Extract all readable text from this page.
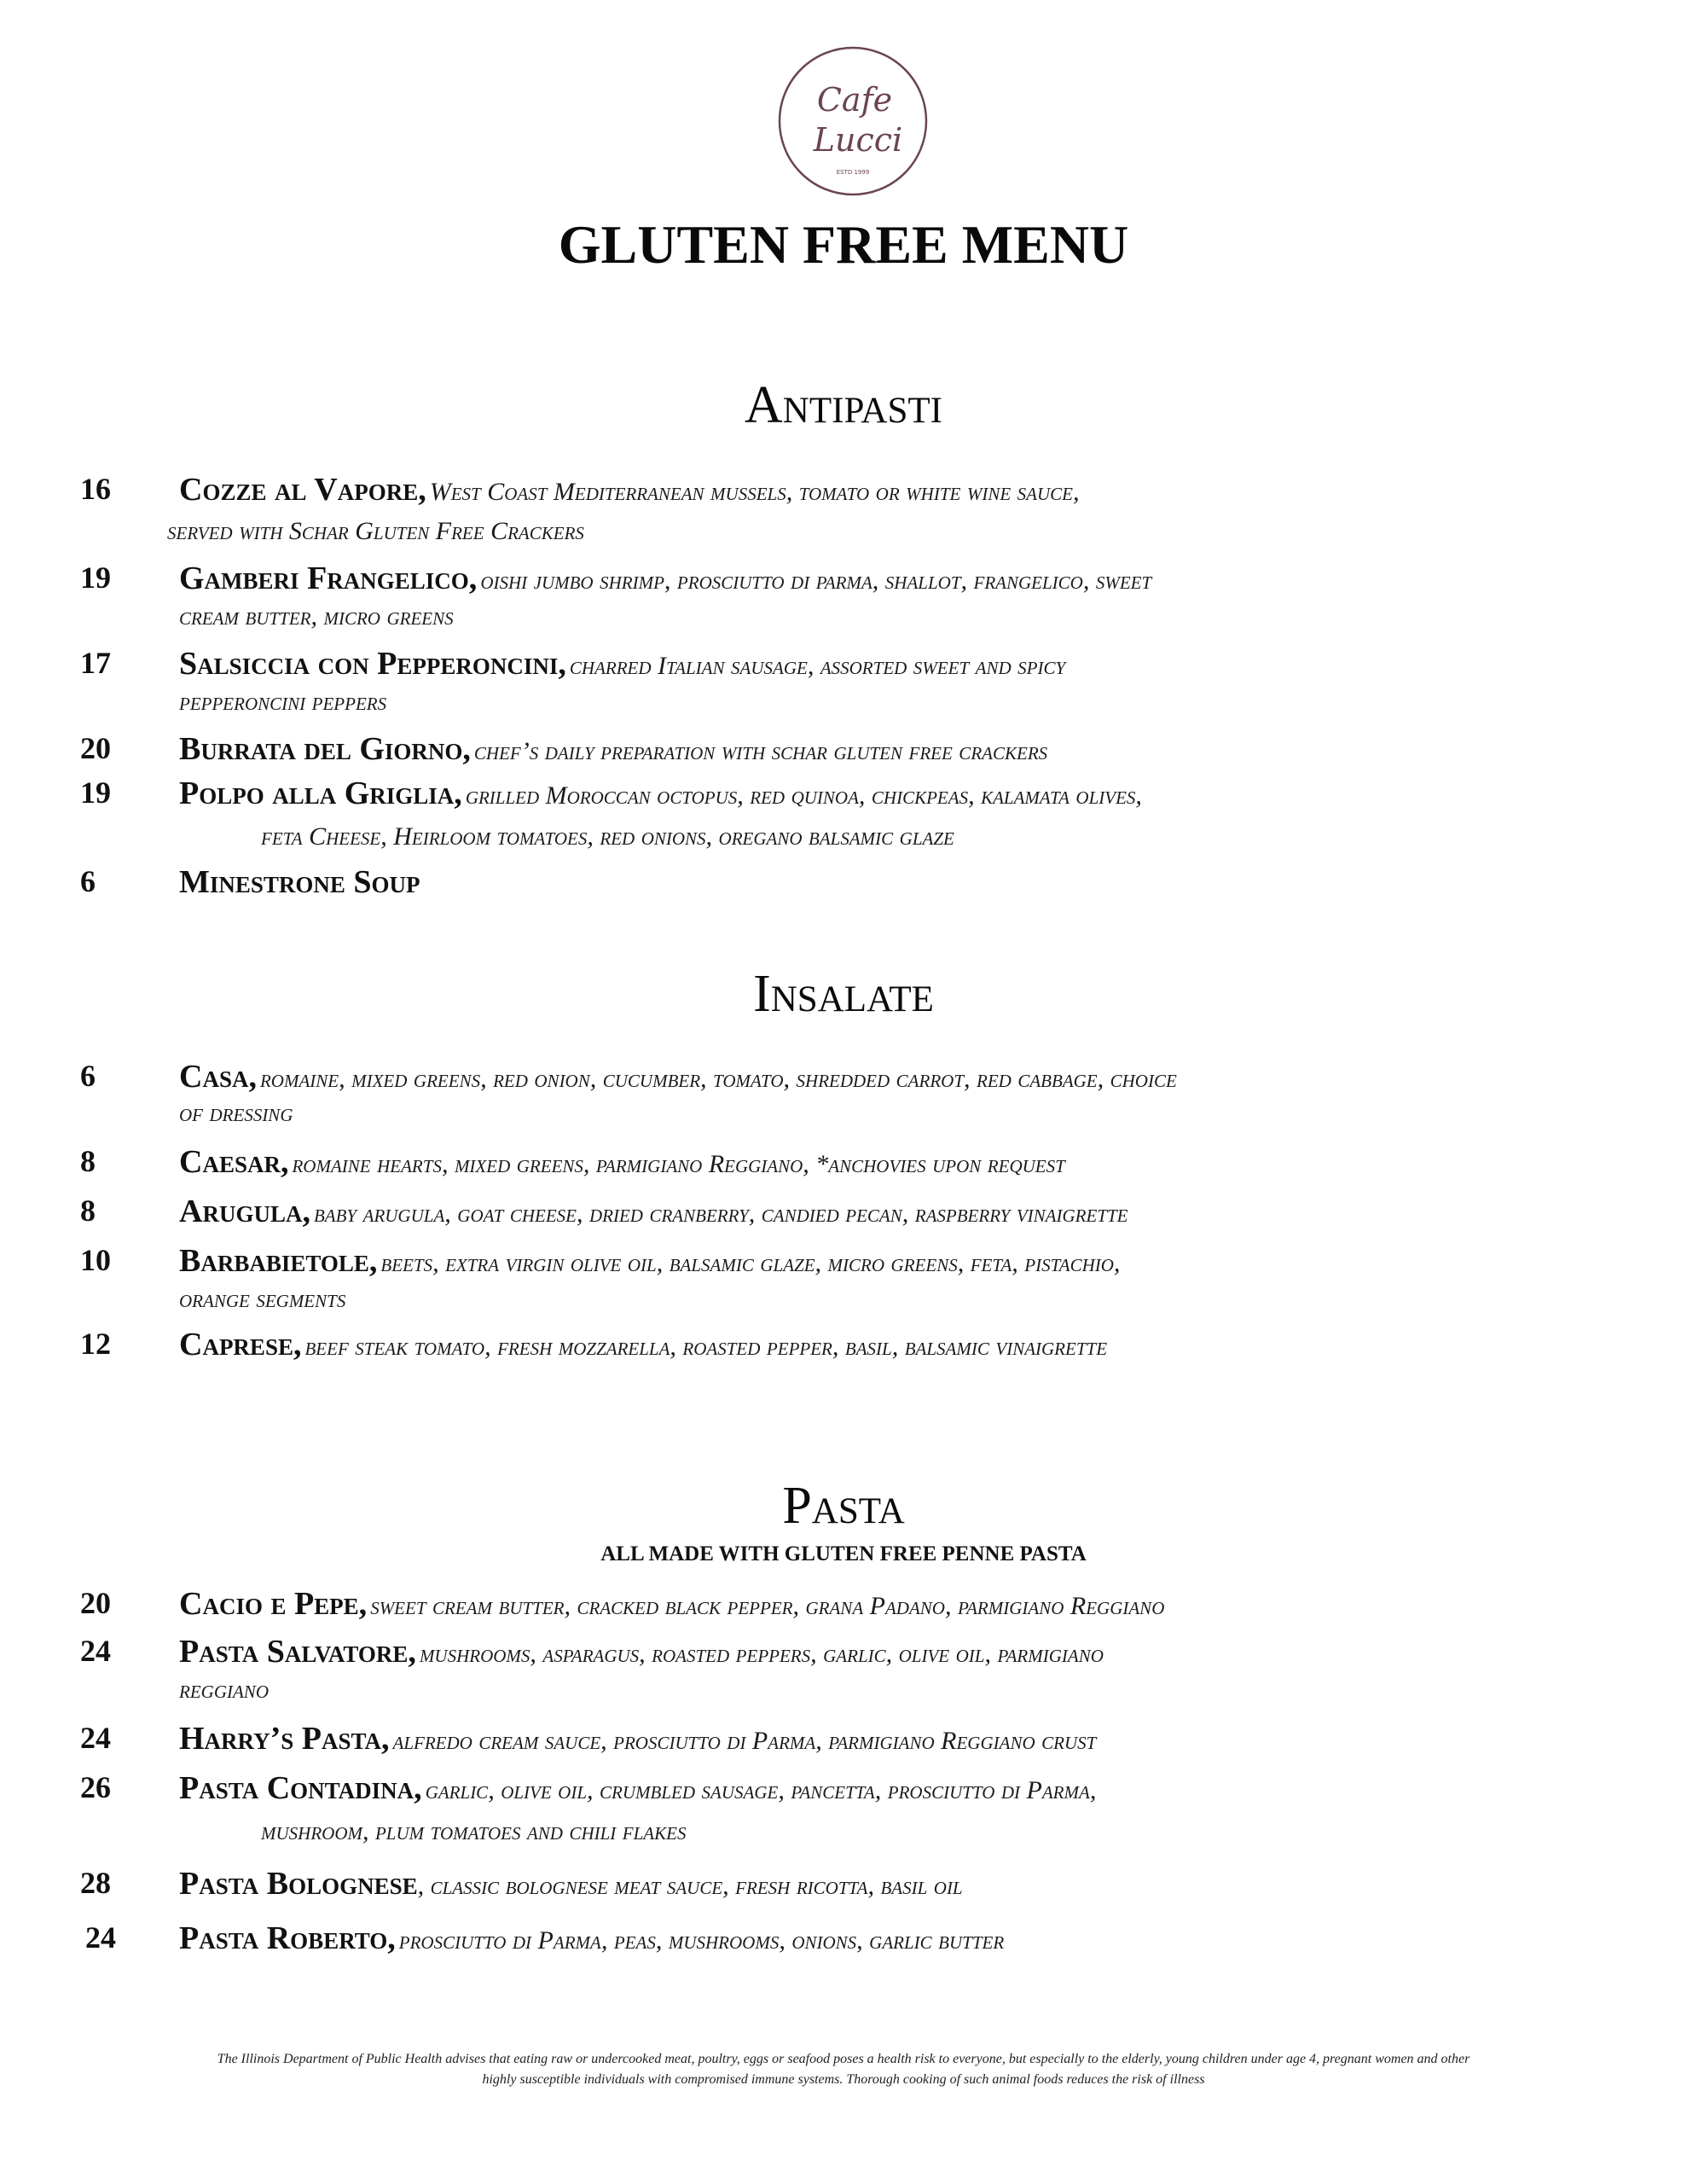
Cafe
Lucci
ESTD 1999
GLUTEN FREE MENU
Antipasti
16 Cozze al Vapore, West Coast Mediterranean mussels, tomato or white wine sauce,
served with Schar Gluten Free Crackers
19 Gamberi Frangelico, oishi jumbo shrimp, prosciutto di parma, shallot, frangelico, sweet
cream butter, micro greens
17 Salsiccia con Pepperoncini, charred Italian sausage, assorted sweet and spicy
pepperoncini peppers
20 Burrata del Giorno, chef’s daily preparation with schar gluten free crackers
19 Polpo alla Griglia, grilled Moroccan octopus, red quinoa, chickpeas, kalamata olives,
feta Cheese, Heirloom tomatoes, red onions, oregano balsamic glaze
6	Minestrone Soup
Insalate
6	Casa, romaine, mixed greens, red onion, cucumber, tomato, shredded carrot, red cabbage, choice
of dressing
8	Caesar, romaine hearts, mixed greens, parmigiano Reggiano, *anchovies upon request
8	Arugula, baby arugula, goat cheese, dried cranberry, candied pecan, raspberry vinaigrette
10 Barbabietole, beets, extra virgin olive oil, balsamic glaze, micro greens, feta, pistachio,
orange segments
12 Caprese, beef steak tomato, fresh mozzarella, roasted pepper, basil, balsamic vinaigrette
Pasta
ALL MADE WITH GLUTEN FREE PENNE PASTA
20 Cacio e Pepe, sweet cream butter, cracked black pepper, grana Padano, parmigiano Reggiano
24 Pasta Salvatore, mushrooms, asparagus, roasted peppers, garlic, olive oil, parmigiano
reggiano
24 Harry’s Pasta, alfredo cream sauce, prosciutto di Parma, parmigiano Reggiano crust
26 Pasta Contadina, garlic, olive oil, crumbled sausage, pancetta, prosciutto di Parma,
mushroom, plum tomatoes and chili flakes
28 Pasta Bolognese, classic bolognese meat sauce, fresh ricotta, basil oil
24 Pasta Roberto, prosciutto di Parma, peas, mushrooms, onions, garlic butter
The Illinois Department of Public Health advises that eating raw or undercooked meat, poultry, eggs or seafood poses a health risk to everyone, but especially to the elderly, young children under age 4, pregnant women and other
highly susceptible individuals with compromised immune systems. Thorough cooking of such animal foods reduces the risk of illness
